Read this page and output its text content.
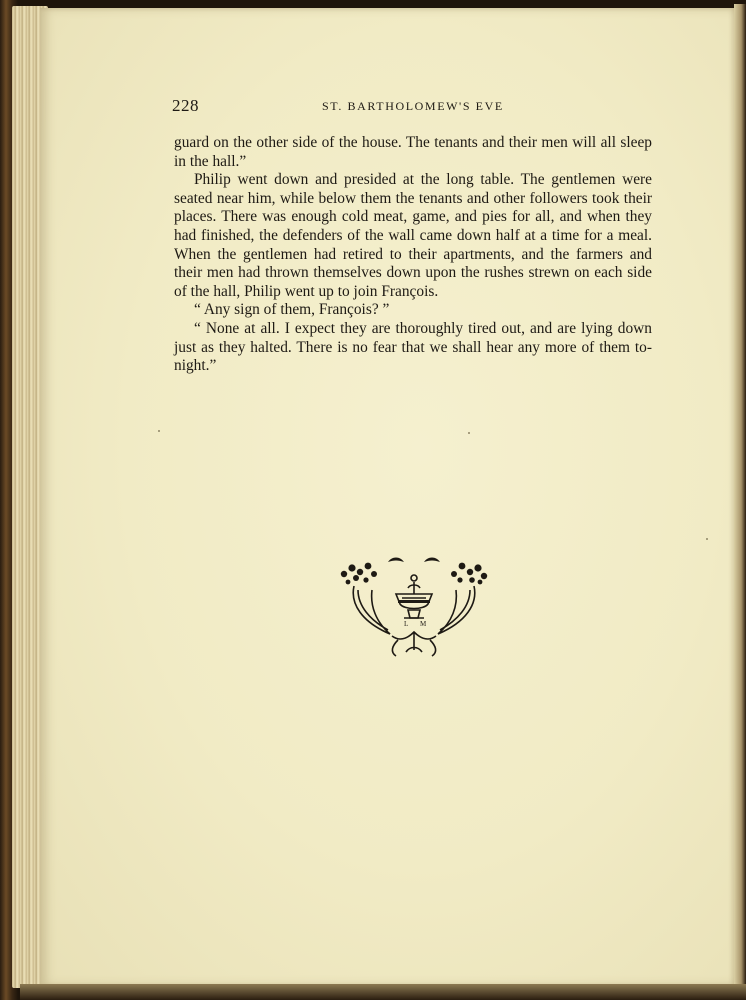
228	ST. BARTHOLOMEW'S EVE

guard on the other side of the house. The tenants and their men will all sleep in the hall.”

Philip went down and presided at the long table. The gentlemen were seated near him, while below them the tenants and other followers took their places. There was enough cold meat, game, and pies for all, and when they had finished, the defenders of the wall came down half at a time for a meal. When the gentlemen had retired to their apartments, and the farmers and their men had thrown themselves down upon the rushes strewn on each side of the hall, Philip went up to join François.

“ Any sign of them, François? ”

“ None at all. I expect they are thoroughly tired out, and are lying down just as they halted. There is no fear that we shall hear any more of them to-night.”

L M
